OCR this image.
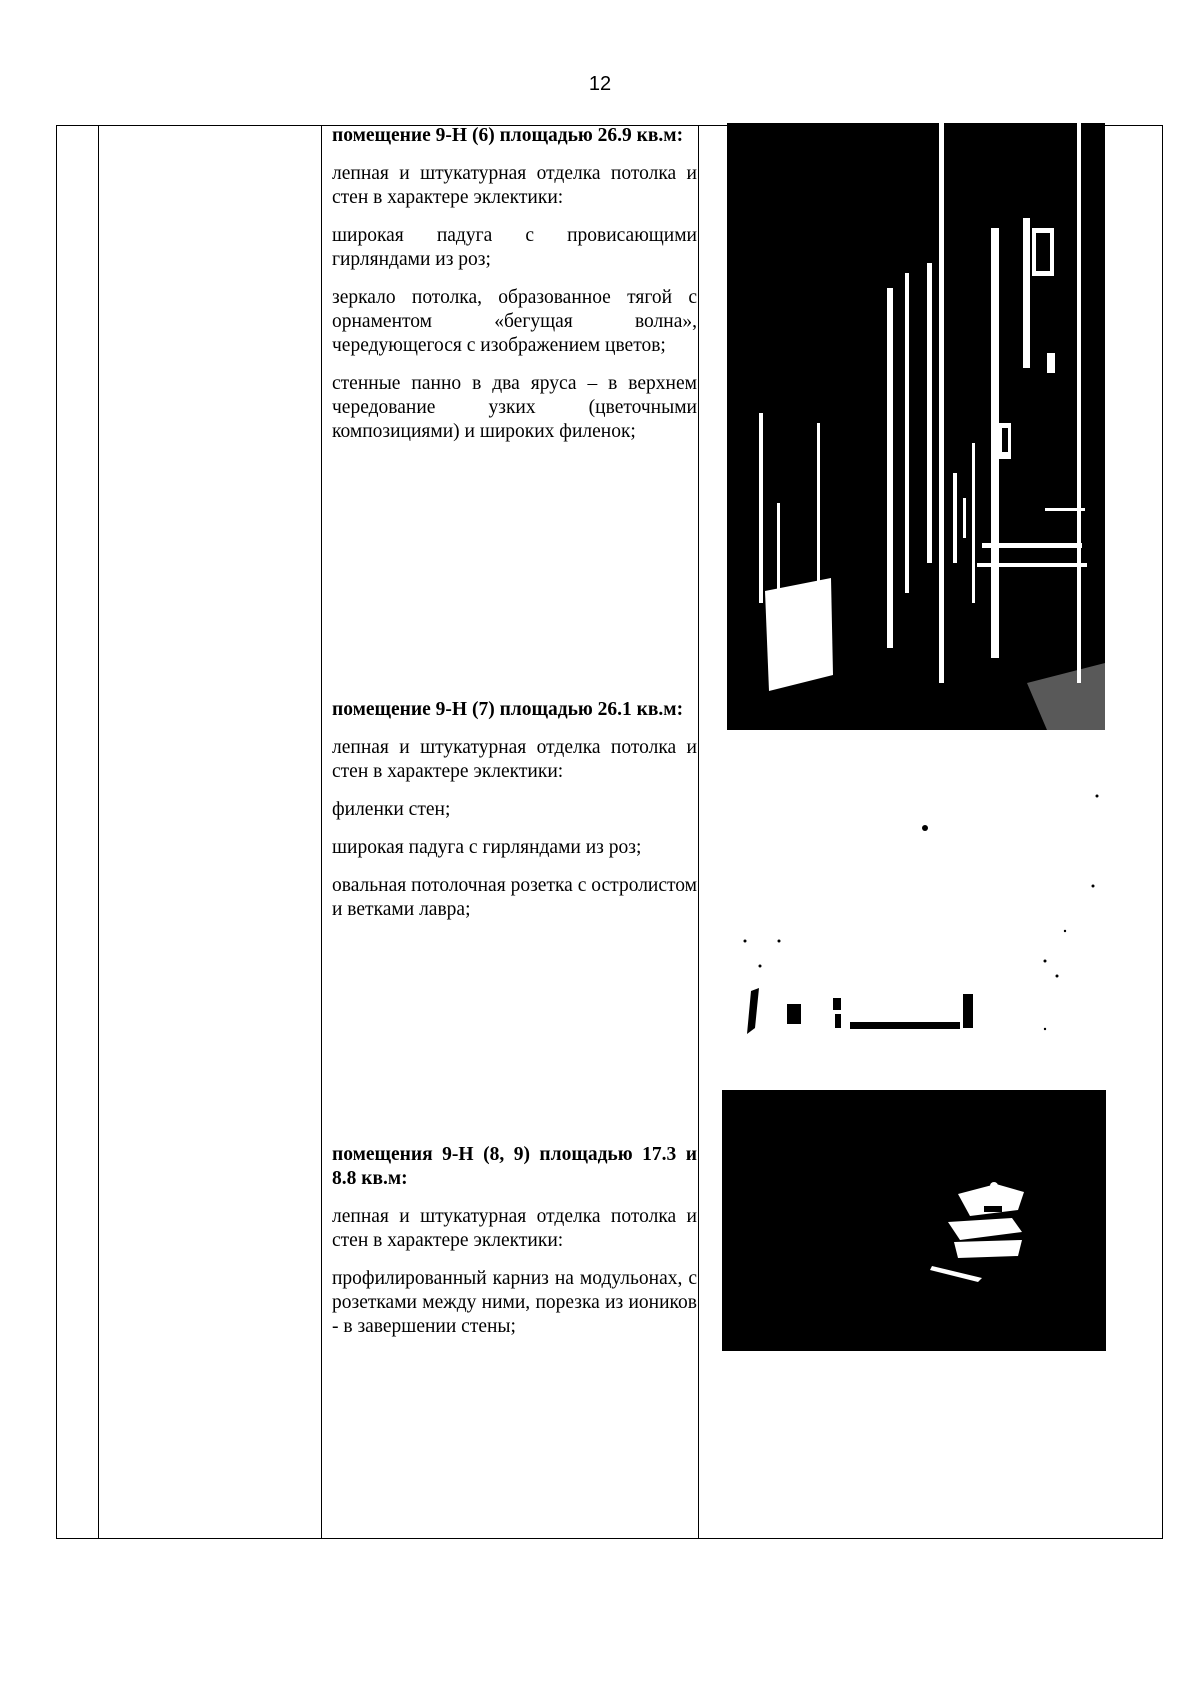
12

помещение 9-Н (6) площадью 26.9 кв.м:

лепная и штукатурная отделка потолка и стен в характере эклектики:

широкая падуга с провисающими гирляндами из роз;

зеркало потолка, образованное тягой с орнаментом «бегущая волна», чередующегося с изображением цветов;

стенные панно в два яруса – в верхнем чередование узких (цветочными композициями) и широких филенок;

помещение 9-Н (7) площадью 26.1 кв.м:

лепная и штукатурная отделка потолка и стен в характере эклектики:

филенки стен;

широкая падуга с гирляндами из роз;

овальная потолочная розетка с остролистом и ветками лавра;

помещения 9-Н (8, 9) площадью 17.3 и 8.8 кв.м:

лепная и штукатурная отделка потолка и стен в характере эклектики:

профилированный карниз на модульонах, с розетками между ними, порезка из иоников - в завершении стены;
